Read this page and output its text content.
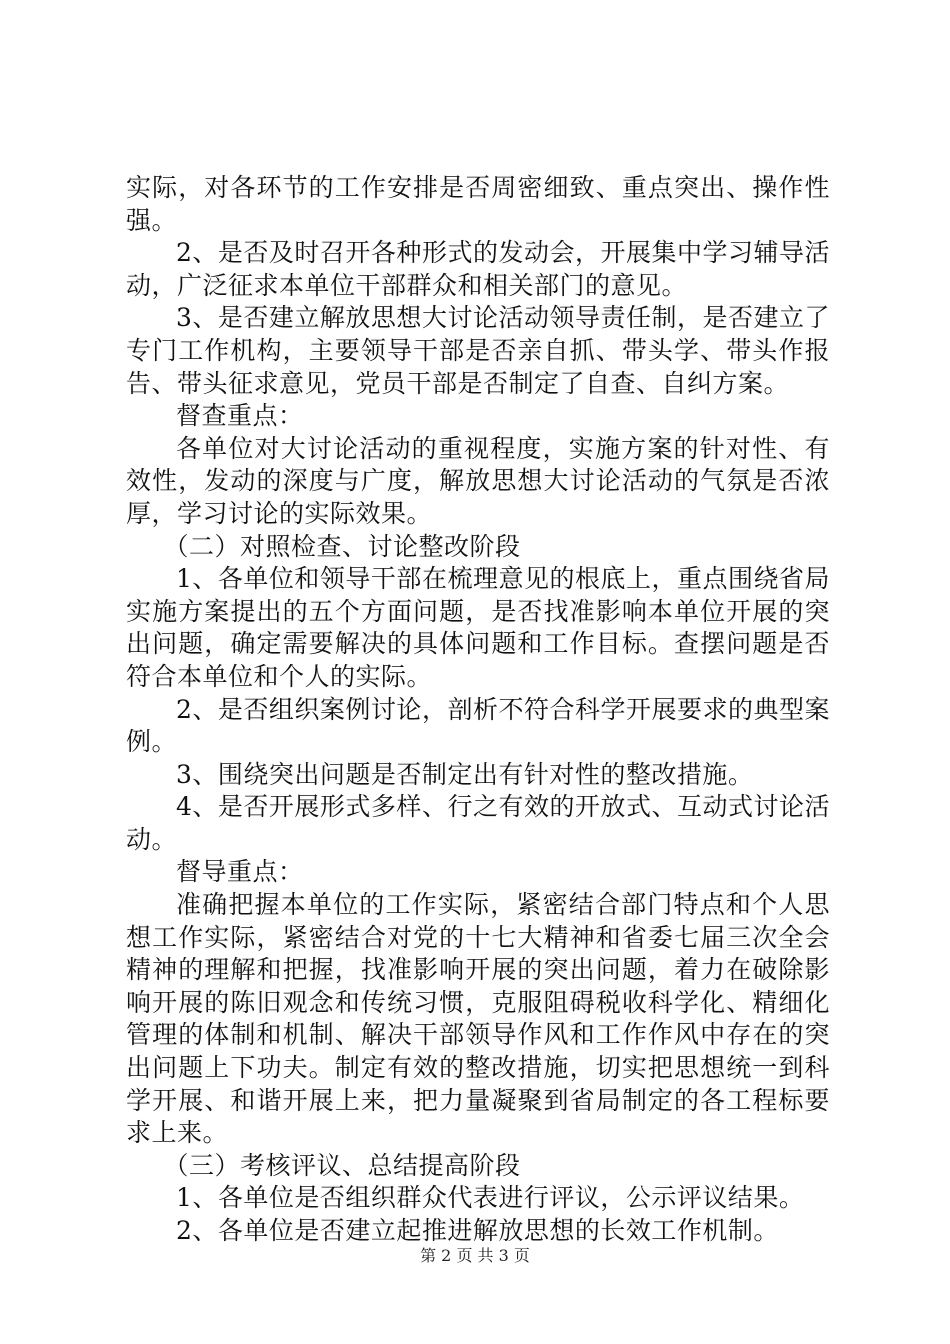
实际，对各环节的工作安排是否周密细致、重点突出、操作性强。

2、是否及时召开各种形式的发动会，开展集中学习辅导活动，广泛征求本单位干部群众和相关部门的意见。

3、是否建立解放思想大讨论活动领导责任制，是否建立了专门工作机构，主要领导干部是否亲自抓、带头学、带头作报告、带头征求意见，党员干部是否制定了自查、自纠方案。

督查重点：

各单位对大讨论活动的重视程度，实施方案的针对性、有效性，发动的深度与广度，解放思想大讨论活动的气氛是否浓厚，学习讨论的实际效果。

（二）对照检查、讨论整改阶段

1、各单位和领导干部在梳理意见的根底上，重点围绕省局实施方案提出的五个方面问题，是否找准影响本单位开展的突出问题，确定需要解决的具体问题和工作目标。查摆问题是否符合本单位和个人的实际。

2、是否组织案例讨论，剖析不符合科学开展要求的典型案例。

3、围绕突出问题是否制定出有针对性的整改措施。

4、是否开展形式多样、行之有效的开放式、互动式讨论活动。

督导重点：

准确把握本单位的工作实际，紧密结合部门特点和个人思想工作实际，紧密结合对党的十七大精神和省委七届三次全会精神的理解和把握，找准影响开展的突出问题，着力在破除影响开展的陈旧观念和传统习惯，克服阻碍税收科学化、精细化管理的体制和机制、解决干部领导作风和工作作风中存在的突出问题上下功夫。制定有效的整改措施，切实把思想统一到科学开展、和谐开展上来，把力量凝聚到省局制定的各工程标要求上来。

（三）考核评议、总结提高阶段

1、各单位是否组织群众代表进行评议，公示评议结果。

2、各单位是否建立起推进解放思想的长效工作机制。

第 2 页 共 3 页
